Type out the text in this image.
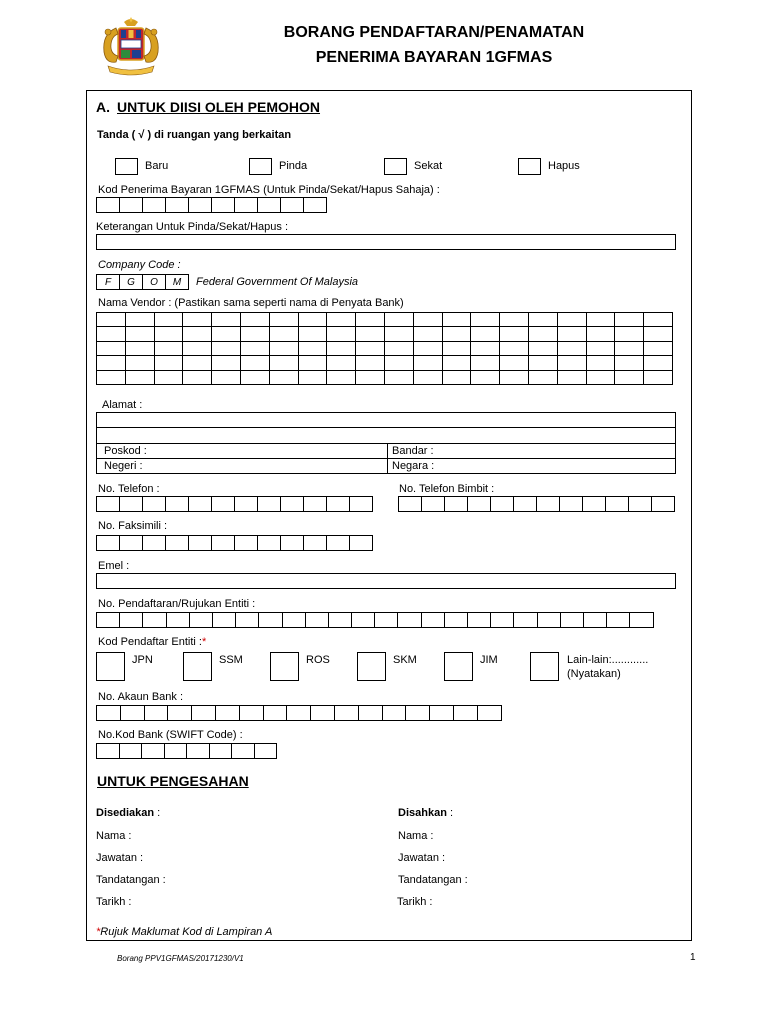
BORANG PENDAFTARAN/PENAMATAN
PENERIMA BAYARAN 1GFMAS
A. UNTUK DIISI OLEH PEMOHON
Tanda ( √ ) di ruangan yang berkaitan
Baru	Pinda	Sekat	Hapus
Kod Penerima Bayaran 1GFMAS (Untuk Pinda/Sekat/Hapus Sahaja) :
Keterangan Untuk Pinda/Sekat/Hapus :
Company Code :
F	G	O	M	Federal Government Of Malaysia
Nama Vendor : (Pastikan sama seperti nama di Penyata Bank)

Alamat :
Poskod :	Bandar :
Negeri :	Negara :
No. Telefon :	No. Telefon Bimbit :
No. Faksimili :
Emel :
No. Pendaftaran/Rujukan Entiti :
Kod Pendaftar Entiti :*
JPN	SSM	ROS	SKM	JIM	Lain-lain:............
(Nyatakan)
No. Akaun Bank :
No.Kod Bank (SWIFT Code) :
UNTUK PENGESAHAN
Disediakan :	Disahkan :
Nama :	Nama :
Jawatan :	Jawatan :
Tandatangan :	Tandatangan :
Tarikh :	Tarikh :
*Rujuk Maklumat Kod di Lampiran A
Borang PPV1GFMAS/20171230/V1	1
